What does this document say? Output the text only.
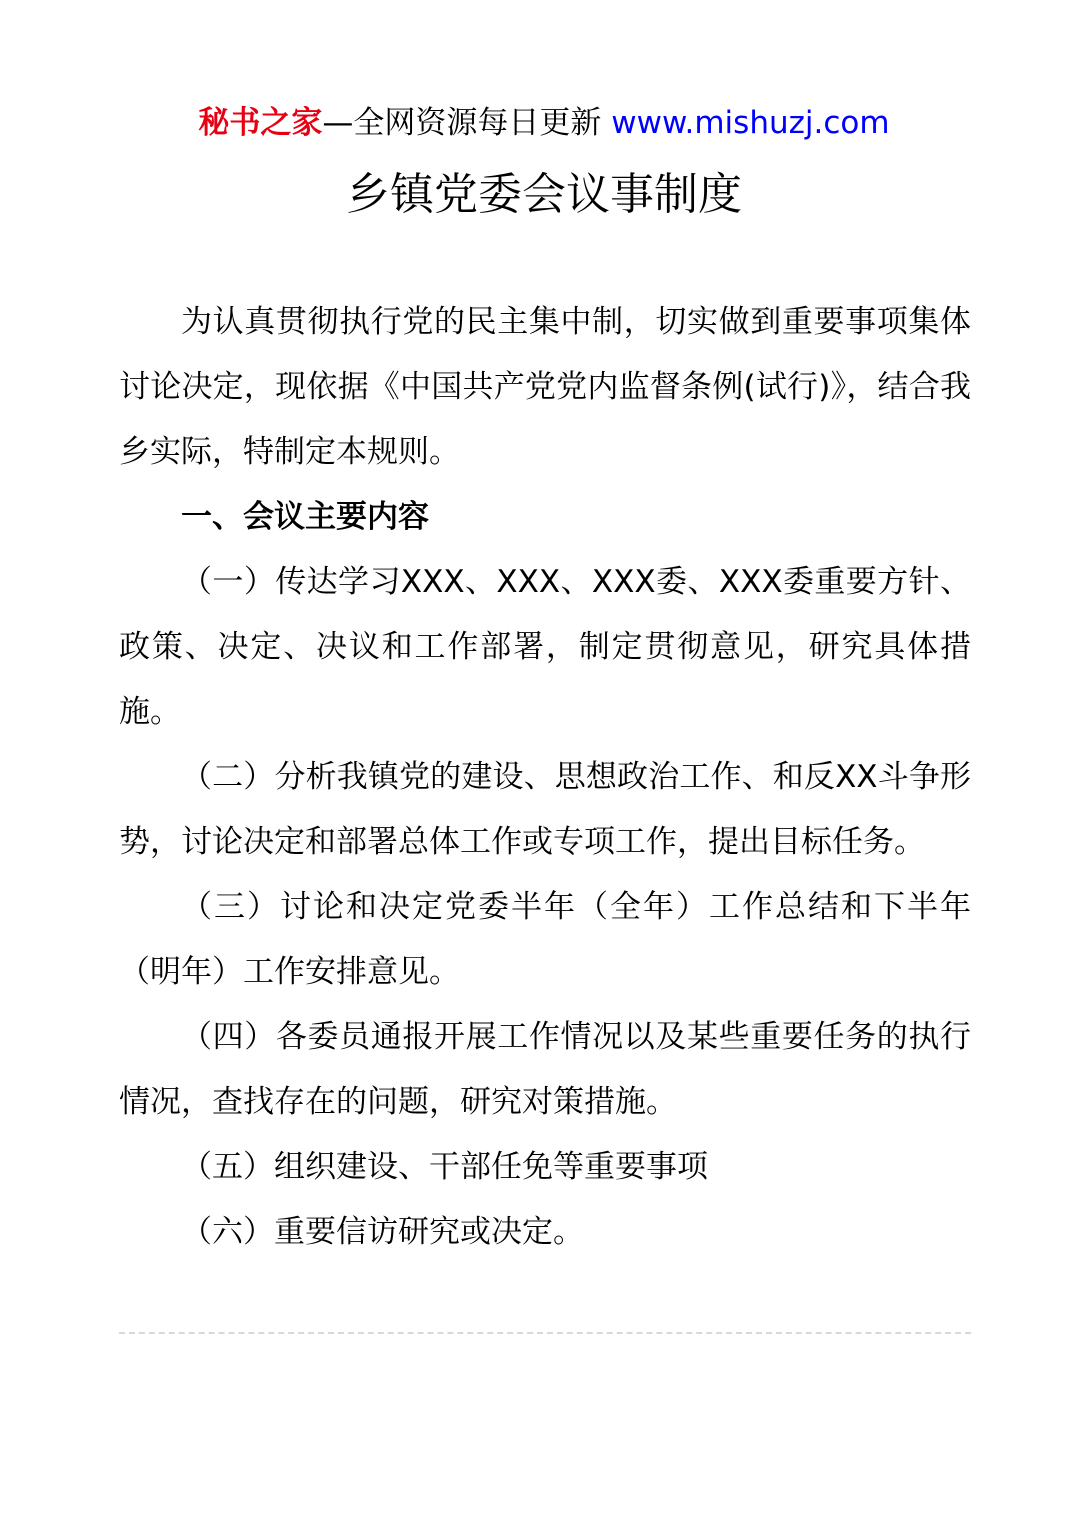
秘书之家—全网资源每日更新 www.mishuzj.com
乡镇党委会议事制度

为认真贯彻执行党的民主集中制，切实做到重要事项集体讨论决定，现依据《中国共产党党内监督条例(试行)》，结合我乡实际，特制定本规则。

一、会议主要内容

（一）传达学习XXX、XXX、XXX委、XXX委重要方针、政策、决定、决议和工作部署，制定贯彻意见，研究具体措施。

（二）分析我镇党的建设、思想政治工作、和反XX斗争形势，讨论决定和部署总体工作或专项工作，提出目标任务。

（三）讨论和决定党委半年（全年）工作总结和下半年（明年）工作安排意见。

（四）各委员通报开展工作情况以及某些重要任务的执行情况，查找存在的问题，研究对策措施。

（五）组织建设、干部任免等重要事项

（六）重要信访研究或决定。
